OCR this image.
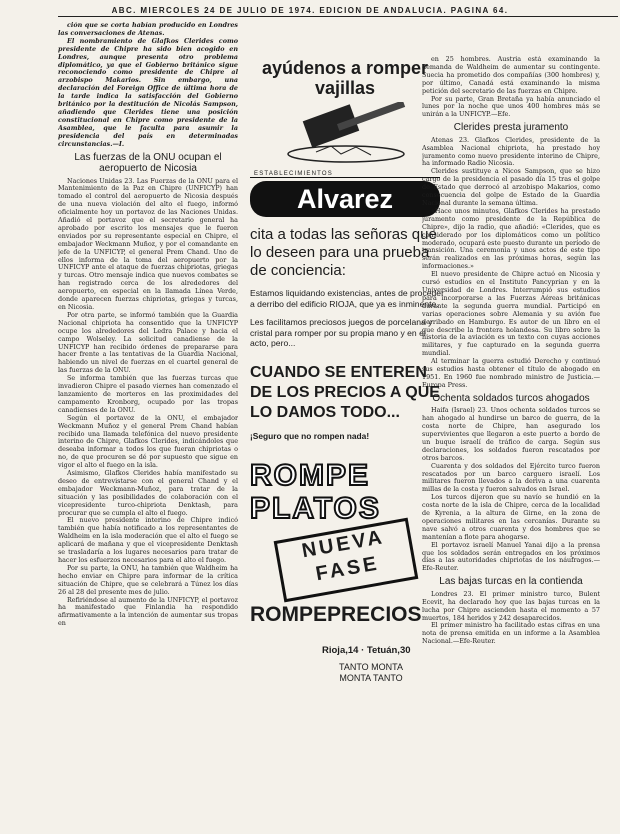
ABC. MIERCOLES 24 DE JULIO DE 1974. EDICION DE ANDALUCIA. PAGINA 64.

ción que se corta habían producido en Londres las conversaciones de Atenas.

El nombramiento de Glafkos Clerides como presidente de Chipre ha sido bien acogido en Londres, aunque presenta otro problema diplomático, ya que el Gobierno británico sigue reconociendo como presidente de Chipre al arzobispo Makarios. Sin embargo, una declaración del Foreign Office de última hora de la tarde indica la satisfacción del Gobierno británico por la destitución de Nicolás Sampson, añadiendo que Clerides tiene una posición constitucional en Chipre como presidente de la Asamblea, que le faculta para asumir la presidencia del país en determinadas circunstancias.—I.

Las fuerzas de la ONU ocupan el aeropuerto de Nicosia

Naciones Unidas 23. Las Fuerzas de la ONU para el Mantenimiento de la Paz en Chipre (UNFICYP) han tomado el control del aeropuerto de Nicosia después de una nueva violación del alto el fuego, informó oficialmente hoy un portavoz de las Naciones Unidas. Añadió el portavoz que el secretario general ha aprobado por escrito los mensajes que le fueron enviados por su representante especial en Chipre, el embajador Weckmann Muñoz, y por el comandante en jefe de la UNFICYP, el general Prem Chand. Uno de ellos informa de la toma del aeropuerto por la UNFICYP ante el ataque de fuerzas chipriotas, griegas y turcas. Otro mensaje indica que nuevos combates se han registrado cerca de los alrededores del aeropuerto, en especial en la llamada Línea Verde, donde aparecen fuerzas chipriotas, griegas y turcas, en Nicosia.

Por otra parte, se informó también que la Guardia Nacional chipriota ha consentido que la UNFICYP ocupe los alrededores del Ledra Palace y hacia el campo Wolseley. La solicitud canadiense de la UNFICYP han recibido órdenes de prepararse para hacer frente a las tentativas de la Guardia Nacional, habiendo un nivel de fuerzas en el cuartel general de las fuerzas de la ONU.

Se informa también que las fuerzas turcas que invadieron Chipre el pasado viernes han comenzado el lanzamiento de morteros en las proximidades del campamento Kronborg, ocupado por las tropas canadienses de la ONU.

Según el portavoz de la ONU, el embajador Weckmann Muñoz y el general Prem Chand habían recibido una llamada telefónica del nuevo presidente interino de Chipre, Glafkos Clerides, indicándoles que deseaba informar a todos los que fueran chipriotas o no, de que procuren se dé por supuesto que sigue en vigor el alto el fuego en la isla.

Asimismo, Glafkos Clerides había manifestado su deseo de entrevistarse con el general Chand y el embajador Weckmann-Muñoz, para tratar de la situación y las posibilidades de colaboración con el vicepresidente turco-chipriota Denktash, para procurar que se cumpla el alto el fuego.

El nuevo presidente interino de Chipre indicó también que había notificado a los representantes de Waldheim en la isla moderación que el alto el fuego se aplicará de mañana y que el vicepresidente Denktash se trasladaría a los lugares necesarios para tratar de hacer los esfuerzos necesarios para el alto el fuego.

Por su parte, la ONU, ha también que Waldheim ha hecho enviar en Chipre para informar de la crítica situación de Chipre, que se celebrará a Túnez los días 26 al 28 del presente mes de julio.

Refiriéndose al aumento de la UNFICYP, el portavoz ha manifestado que Finlandia ha respondido afirmativamente a la intención de aumentar sus tropas en

ayúdenos a romper vajillas

ESTABLECIMIENTOS
Alvarez
cita a todas las señoras que lo deseen para una prueba de conciencia:
Estamos liquidando existencias, antes de proceder a derribo del edificio RIOJA, que ya es inminente.
Les facilitamos preciosos juegos de porcelana y cristal para romper por su propia mano y en el acto, pero...
CUANDO SE ENTEREN DE LOS PRECIOS A QUE LO DAMOS TODO...
¡Seguro que no rompen nada!
ROMPE PLATOS
NUEVA FASE
ROMPEPRECIOS
Rioja,14 · Tetuán,30
TANTO MONTA
MONTA TANTO

en 25 hombres. Austria está examinando la demanda de Waldheim de aumentar su contingente. Suecia ha prometido dos compañías (300 hombres) y, por último, Canadá está examinando la misma petición del secretario de las fuerzas en Chipre.

Por su parte, Gran Bretaña ya había anunciado el lunes por la noche que unos 400 hombres más se unirán a la UNFICYP.—Efe.

Clerides presta juramento

Atenas 23. Glafkos Clerides, presidente de la Asamblea Nacional chipriota, ha prestado hoy juramento como nuevo presidente interino de Chipre, ha informado Radio Nicosia.

Clerides sustituye a Nicos Sampson, que se hizo cargo de la presidencia el pasado día 15 tras el golpe de Estado que derrocó al arzobispo Makarios, como consecuencia del golpe de Estado de la Guardia Nacional durante la semana última.

«Hace unos minutos, Glafkos Clerides ha prestado juramento como presidente de la República de Chipre», dijo la radio, que añadió: «Clerides, que es considerado por los diplomáticos como un político moderado, ocupará este puesto durante un período de transición. Una ceremonia y unos actos de este tipo serán realizados en las próximas horas, según las informaciones.»

El nuevo presidente de Chipre actuó en Nicosia y cursó estudios en el Instituto Pancyprian y en la Universidad de Londres. Interrumpió sus estudios para incorporarse a las Fuerzas Aéreas británicas durante la segunda guerra mundial. Participó en varias operaciones sobre Alemania y su avión fue derribado en Hamburgo. Es autor de un libro en el que describe la frontera holandesa. Su libro sobre la historia de la aviación es un texto con cuyas acciones militares, y fue capturado en la segunda guerra mundial.

Al terminar la guerra estudió Derecho y continuó sus estudios hasta obtener el título de abogado en 1951. En 1960 fue nombrado ministro de Justicia.—Europa Press.

Ochenta soldados turcos ahogados

Haifa (Israel) 23. Unos ochenta soldados turcos se han ahogado al hundirse un barco de guerra, de la costa norte de Chipre, han asegurado los supervivientes que llegaron a este puerto a bordo de un buque israelí de tráfico de carga. Según sus declaraciones, los soldados fueron rescatados por otros barcos.

Cuarenta y dos soldados del Ejército turco fueron rescatados por un barco carguero israelí. Los militares fueron llevados a la deriva a una cuarenta millas de la costa y fueron salvados en Israel.

Los turcos dijeron que su navío se hundió en la costa norte de la isla de Chipre, cerca de la localidad de Kyrenia, a la altura de Girne, en la zona de operaciones militares en las cercanías. Durante su nave salvó a otros cuarenta y dos hombres que se mantenían a flote para ahogarse.

El portavoz israelí Manuel Yanai dijo a la prensa que los soldados serán entregados en los próximos días a las autoridades chipriotas de los náufragos.—Efe-Reuter.

Las bajas turcas en la contienda

Londres 23. El primer ministro turco, Bulent Ecevit, ha declarado hoy que las bajas turcas en la lucha por Chipre ascienden hasta el momento a 57 muertos, 184 heridos y 242 desaparecidos.

El primer ministro ha facilitado estas cifras en una nota de prensa emitida en un informe a la Asamblea Nacional.—Efe-Reuter.
